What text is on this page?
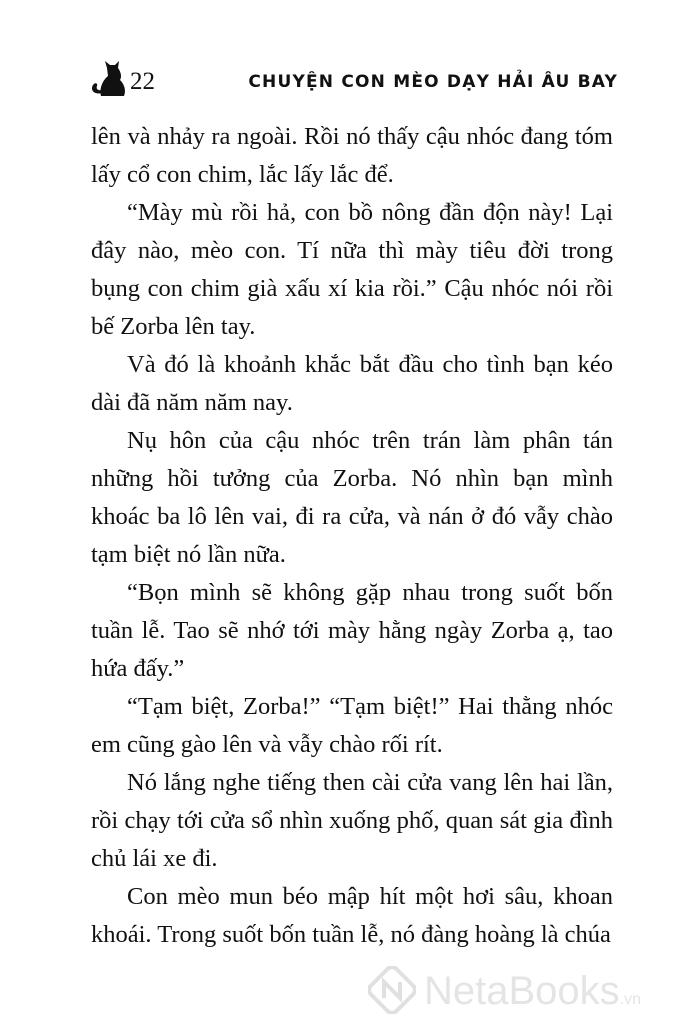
22	CHUYỆN CON MÈO DẠY HẢI ÂU BAY

lên và nhảy ra ngoài. Rồi nó thấy cậu nhóc đang tóm lấy cổ con chim, lắc lấy lắc để.

“Mày mù rồi hả, con bồ nông đần độn này! Lại đây nào, mèo con. Tí nữa thì mày tiêu đời trong bụng con chim già xấu xí kia rồi.” Cậu nhóc nói rồi bế Zorba lên tay.

Và đó là khoảnh khắc bắt đầu cho tình bạn kéo dài đã năm năm nay.

Nụ hôn của cậu nhóc trên trán làm phân tán những hồi tưởng của Zorba. Nó nhìn bạn mình khoác ba lô lên vai, đi ra cửa, và nán ở đó vẫy chào tạm biệt nó lần nữa.

“Bọn mình sẽ không gặp nhau trong suốt bốn tuần lễ. Tao sẽ nhớ tới mày hằng ngày Zorba ạ, tao hứa đấy.”

“Tạm biệt, Zorba!” “Tạm biệt!” Hai thằng nhóc em cũng gào lên và vẫy chào rối rít.

Nó lắng nghe tiếng then cài cửa vang lên hai lần, rồi chạy tới cửa sổ nhìn xuống phố, quan sát gia đình chủ lái xe đi.

Con mèo mun béo mập hít một hơi sâu, khoan khoái. Trong suốt bốn tuần lễ, nó đàng hoàng là chúa

NetaBooks.vn
